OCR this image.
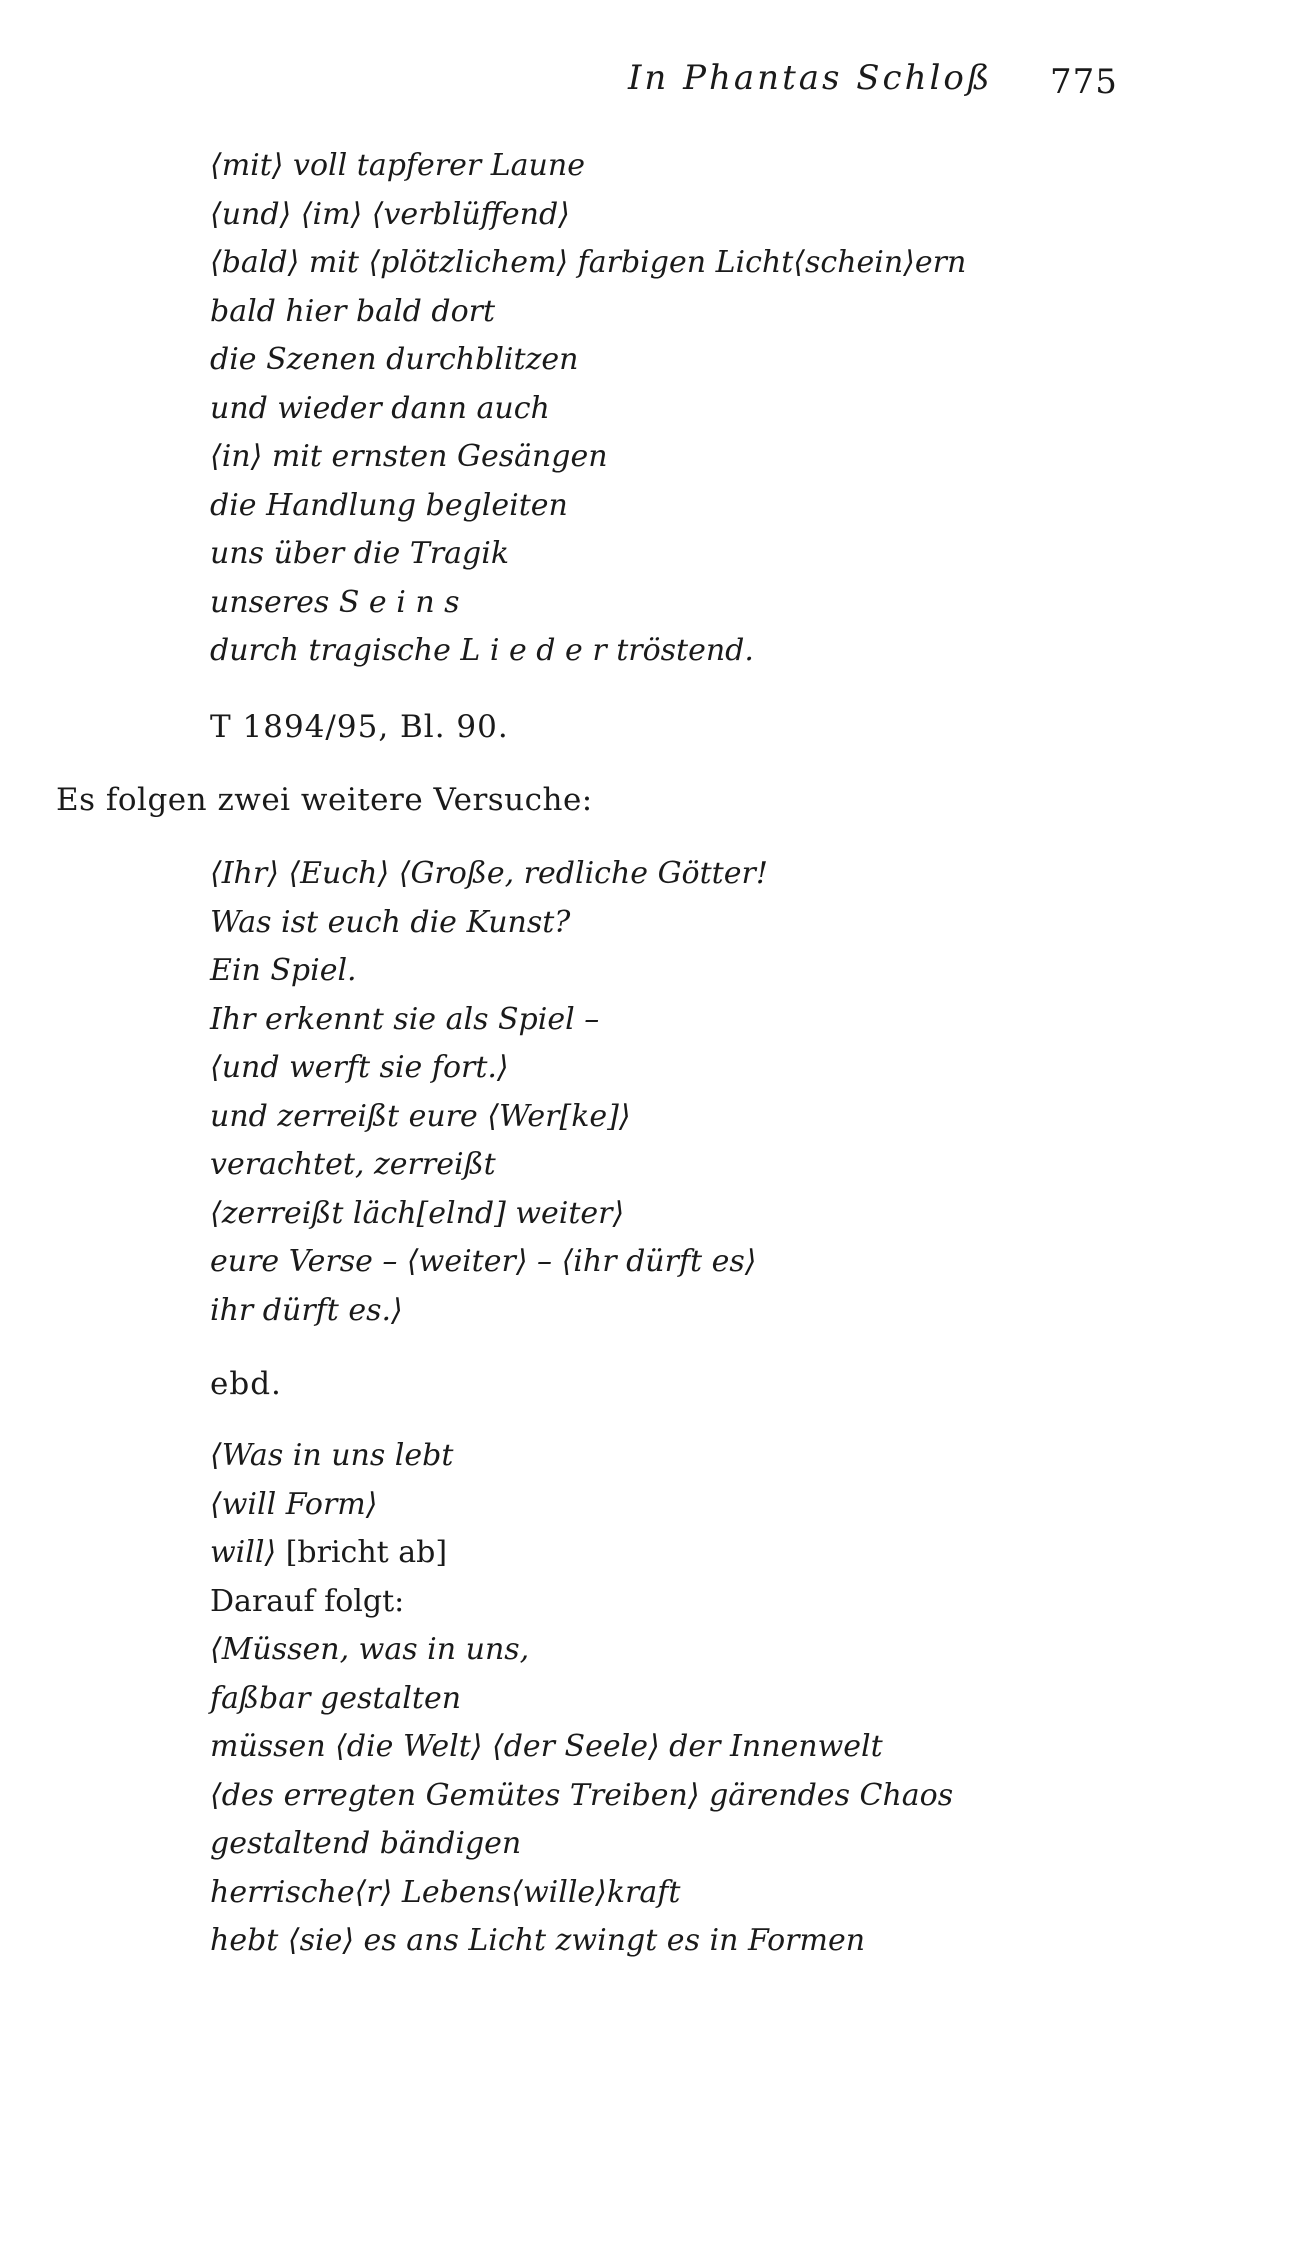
In Phantas Schloß 775
⟨mit⟩ voll tapferer Laune
⟨und⟩ ⟨im⟩ ⟨verblüffend⟩
⟨bald⟩ mit ⟨plötzlichem⟩ farbigen Licht⟨schein⟩ern
bald hier bald dort
die Szenen durchblitzen
und wieder dann auch
⟨in⟩ mit ernsten Gesängen
die Handlung begleiten
uns über die Tragik
unseres S e i n s
durch tragische L i e d e r tröstend.
T 1894/95, Bl. 90.
Es folgen zwei weitere Versuche:
⟨Ihr⟩ ⟨Euch⟩ ⟨Große, redliche Götter!
Was ist euch die Kunst?
Ein Spiel.
Ihr erkennt sie als Spiel –
⟨und werft sie fort.⟩
und zerreißt eure ⟨Wer[ke]⟩
verachtet, zerreißt
⟨zerreißt läch[elnd] weiter⟩
eure Verse – ⟨weiter⟩ – ⟨ihr dürft es⟩
ihr dürft es.⟩
ebd.
⟨Was in uns lebt
⟨will Form⟩
will⟩ [bricht ab]
Darauf folgt:
⟨Müssen, was in uns,
faßbar gestalten
müssen ⟨die Welt⟩ ⟨der Seele⟩ der Innenwelt
⟨des erregten Gemütes Treiben⟩ gärendes Chaos
gestaltend bändigen
herrische⟨r⟩ Lebens⟨wille⟩kraft
hebt ⟨sie⟩ es ans Licht zwingt es in Formen
